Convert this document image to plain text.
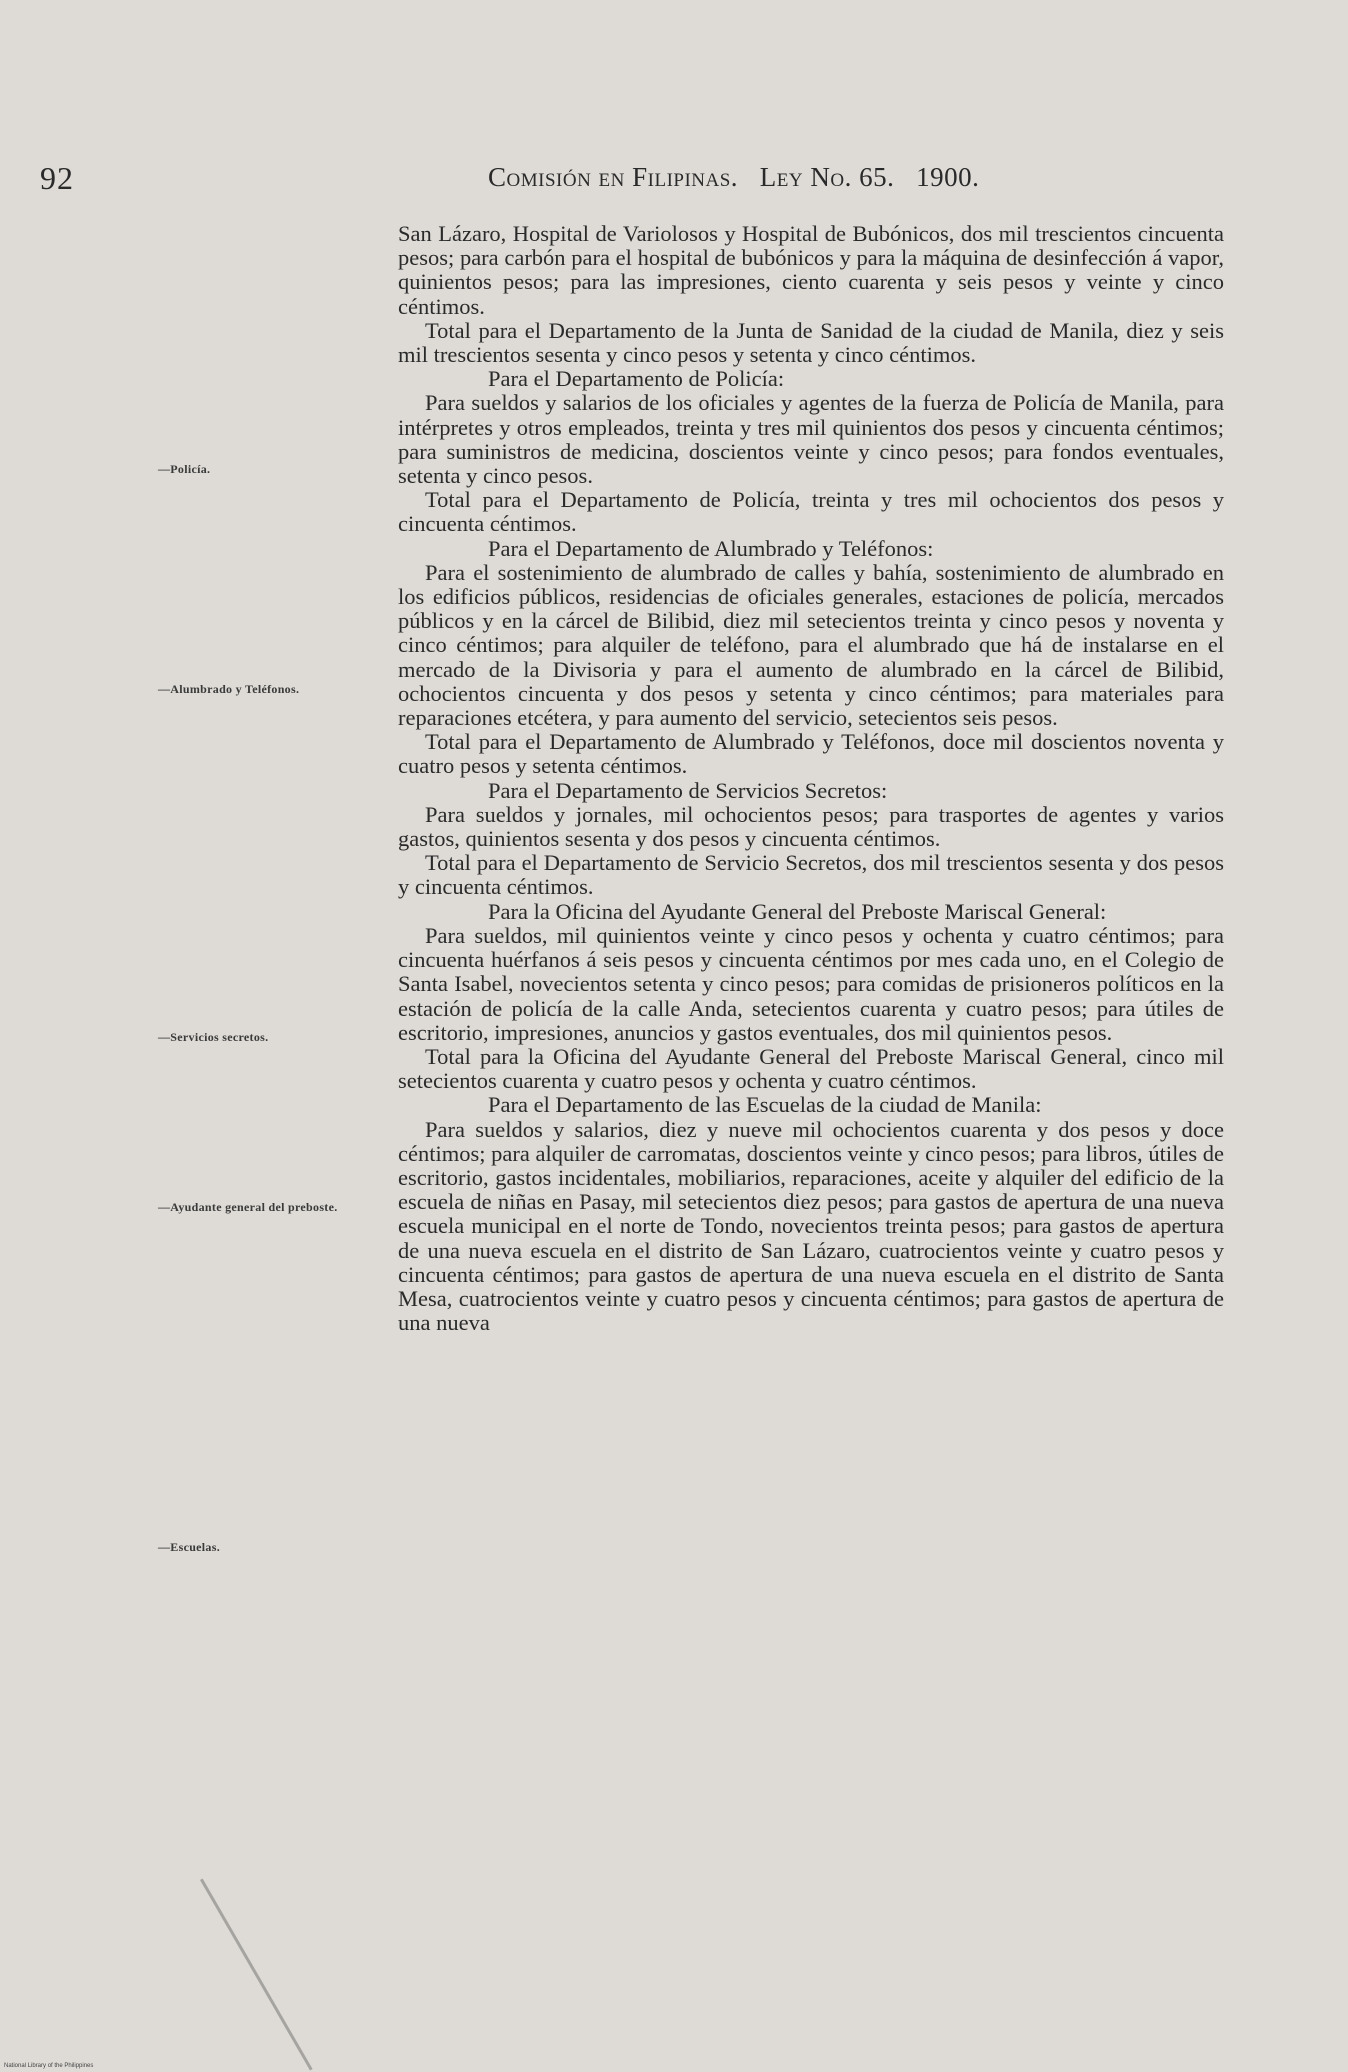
92	Comisión en Filipinas.   Ley No. 65.   1900.
—Policía.
—Alumbrado y Teléfonos.
—Servicios secretos.
—Ayudante general del preboste.
—Escuelas.

San Lázaro, Hospital de Variolosos y Hospital de Bubónicos, dos mil trescientos cincuenta pesos; para carbón para el hospital de bubónicos y para la máquina de desinfección á vapor, quinientos pesos; para las impresiones, ciento cuarenta y seis pesos y veinte y cinco céntimos.

Total para el Departamento de la Junta de Sanidad de la ciudad de Manila, diez y seis mil trescientos sesenta y cinco pesos y setenta y cinco céntimos.

Para el Departamento de Policía:

Para sueldos y salarios de los oficiales y agentes de la fuerza de Policía de Manila, para intérpretes y otros empleados, treinta y tres mil quinientos dos pesos y cincuenta céntimos; para suministros de medicina, doscientos veinte y cinco pesos; para fondos eventuales, setenta y cinco pesos.

Total para el Departamento de Policía, treinta y tres mil ochocientos dos pesos y cincuenta céntimos.

Para el Departamento de Alumbrado y Teléfonos:

Para el sostenimiento de alumbrado de calles y bahía, sostenimiento de alumbrado en los edificios públicos, residencias de oficiales generales, estaciones de policía, mercados públicos y en la cárcel de Bilibid, diez mil setecientos treinta y cinco pesos y noventa y cinco céntimos; para alquiler de teléfono, para el alumbrado que há de instalarse en el mercado de la Divisoria y para el aumento de alumbrado en la cárcel de Bilibid, ochocientos cincuenta y dos pesos y setenta y cinco céntimos; para materiales para reparaciones etcétera, y para aumento del servicio, setecientos seis pesos.

Total para el Departamento de Alumbrado y Teléfonos, doce mil doscientos noventa y cuatro pesos y setenta céntimos.

Para el Departamento de Servicios Secretos:

Para sueldos y jornales, mil ochocientos pesos; para trasportes de agentes y varios gastos, quinientos sesenta y dos pesos y cincuenta céntimos.

Total para el Departamento de Servicio Secretos, dos mil trescientos sesenta y dos pesos y cincuenta céntimos.

Para la Oficina del Ayudante General del Preboste Mariscal General:

Para sueldos, mil quinientos veinte y cinco pesos y ochenta y cuatro céntimos; para cincuenta huérfanos á seis pesos y cincuenta céntimos por mes cada uno, en el Colegio de Santa Isabel, novecientos setenta y cinco pesos; para comidas de prisioneros políticos en la estación de policía de la calle Anda, setecientos cuarenta y cuatro pesos; para útiles de escritorio, impresiones, anuncios y gastos eventuales, dos mil quinientos pesos.

Total para la Oficina del Ayudante General del Preboste Mariscal General, cinco mil setecientos cuarenta y cuatro pesos y ochenta y cuatro céntimos.

Para el Departamento de las Escuelas de la ciudad de Manila:

Para sueldos y salarios, diez y nueve mil ochocientos cuarenta y dos pesos y doce céntimos; para alquiler de carromatas, doscientos veinte y cinco pesos; para libros, útiles de escritorio, gastos incidentales, mobiliarios, reparaciones, aceite y alquiler del edificio de la escuela de niñas en Pasay, mil setecientos diez pesos; para gastos de apertura de una nueva escuela municipal en el norte de Tondo, novecientos treinta pesos; para gastos de apertura de una nueva escuela en el distrito de San Lázaro, cuatrocientos veinte y cuatro pesos y cincuenta céntimos; para gastos de apertura de una nueva escuela en el distrito de Santa Mesa, cuatrocientos veinte y cuatro pesos y cincuenta céntimos; para gastos de apertura de una nueva

National Library of the Philippines
